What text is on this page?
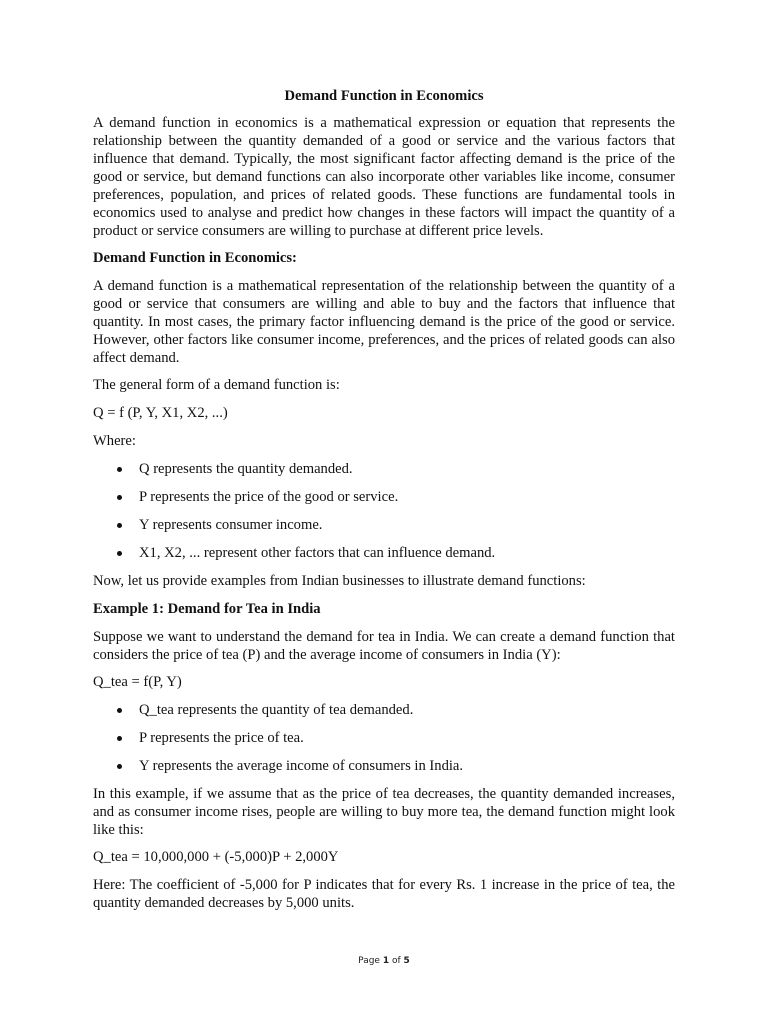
Demand Function in Economics

A demand function in economics is a mathematical expression or equation that represents the relationship between the quantity demanded of a good or service and the various factors that influence that demand. Typically, the most significant factor affecting demand is the price of the good or service, but demand functions can also incorporate other variables like income, consumer preferences, population, and prices of related goods. These functions are fundamental tools in economics used to analyse and predict how changes in these factors will impact the quantity of a product or service consumers are willing to purchase at different price levels.

Demand Function in Economics:

A demand function is a mathematical representation of the relationship between the quantity of a good or service that consumers are willing and able to buy and the factors that influence that quantity. In most cases, the primary factor influencing demand is the price of the good or service. However, other factors like consumer income, preferences, and the prices of related goods can also affect demand.

The general form of a demand function is:
Q = f (P, Y, X1, X2, ...)
Where:
Q represents the quantity demanded.
P represents the price of the good or service.
Y represents consumer income.
X1, X2, ... represent other factors that can influence demand.
Now, let us provide examples from Indian businesses to illustrate demand functions:
Example 1: Demand for Tea in India

Suppose we want to understand the demand for tea in India. We can create a demand function that considers the price of tea (P) and the average income of consumers in India (Y):

Q_tea = f(P, Y)
Q_tea represents the quantity of tea demanded.
P represents the price of tea.
Y represents the average income of consumers in India.

In this example, if we assume that as the price of tea decreases, the quantity demanded increases, and as consumer income rises, people are willing to buy more tea, the demand function might look like this:

Q_tea = 10,000,000 + (-5,000)P + 2,000Y

Here: The coefficient of -5,000 for P indicates that for every Rs. 1 increase in the price of tea, the quantity demanded decreases by 5,000 units.

Page 1 of 5
